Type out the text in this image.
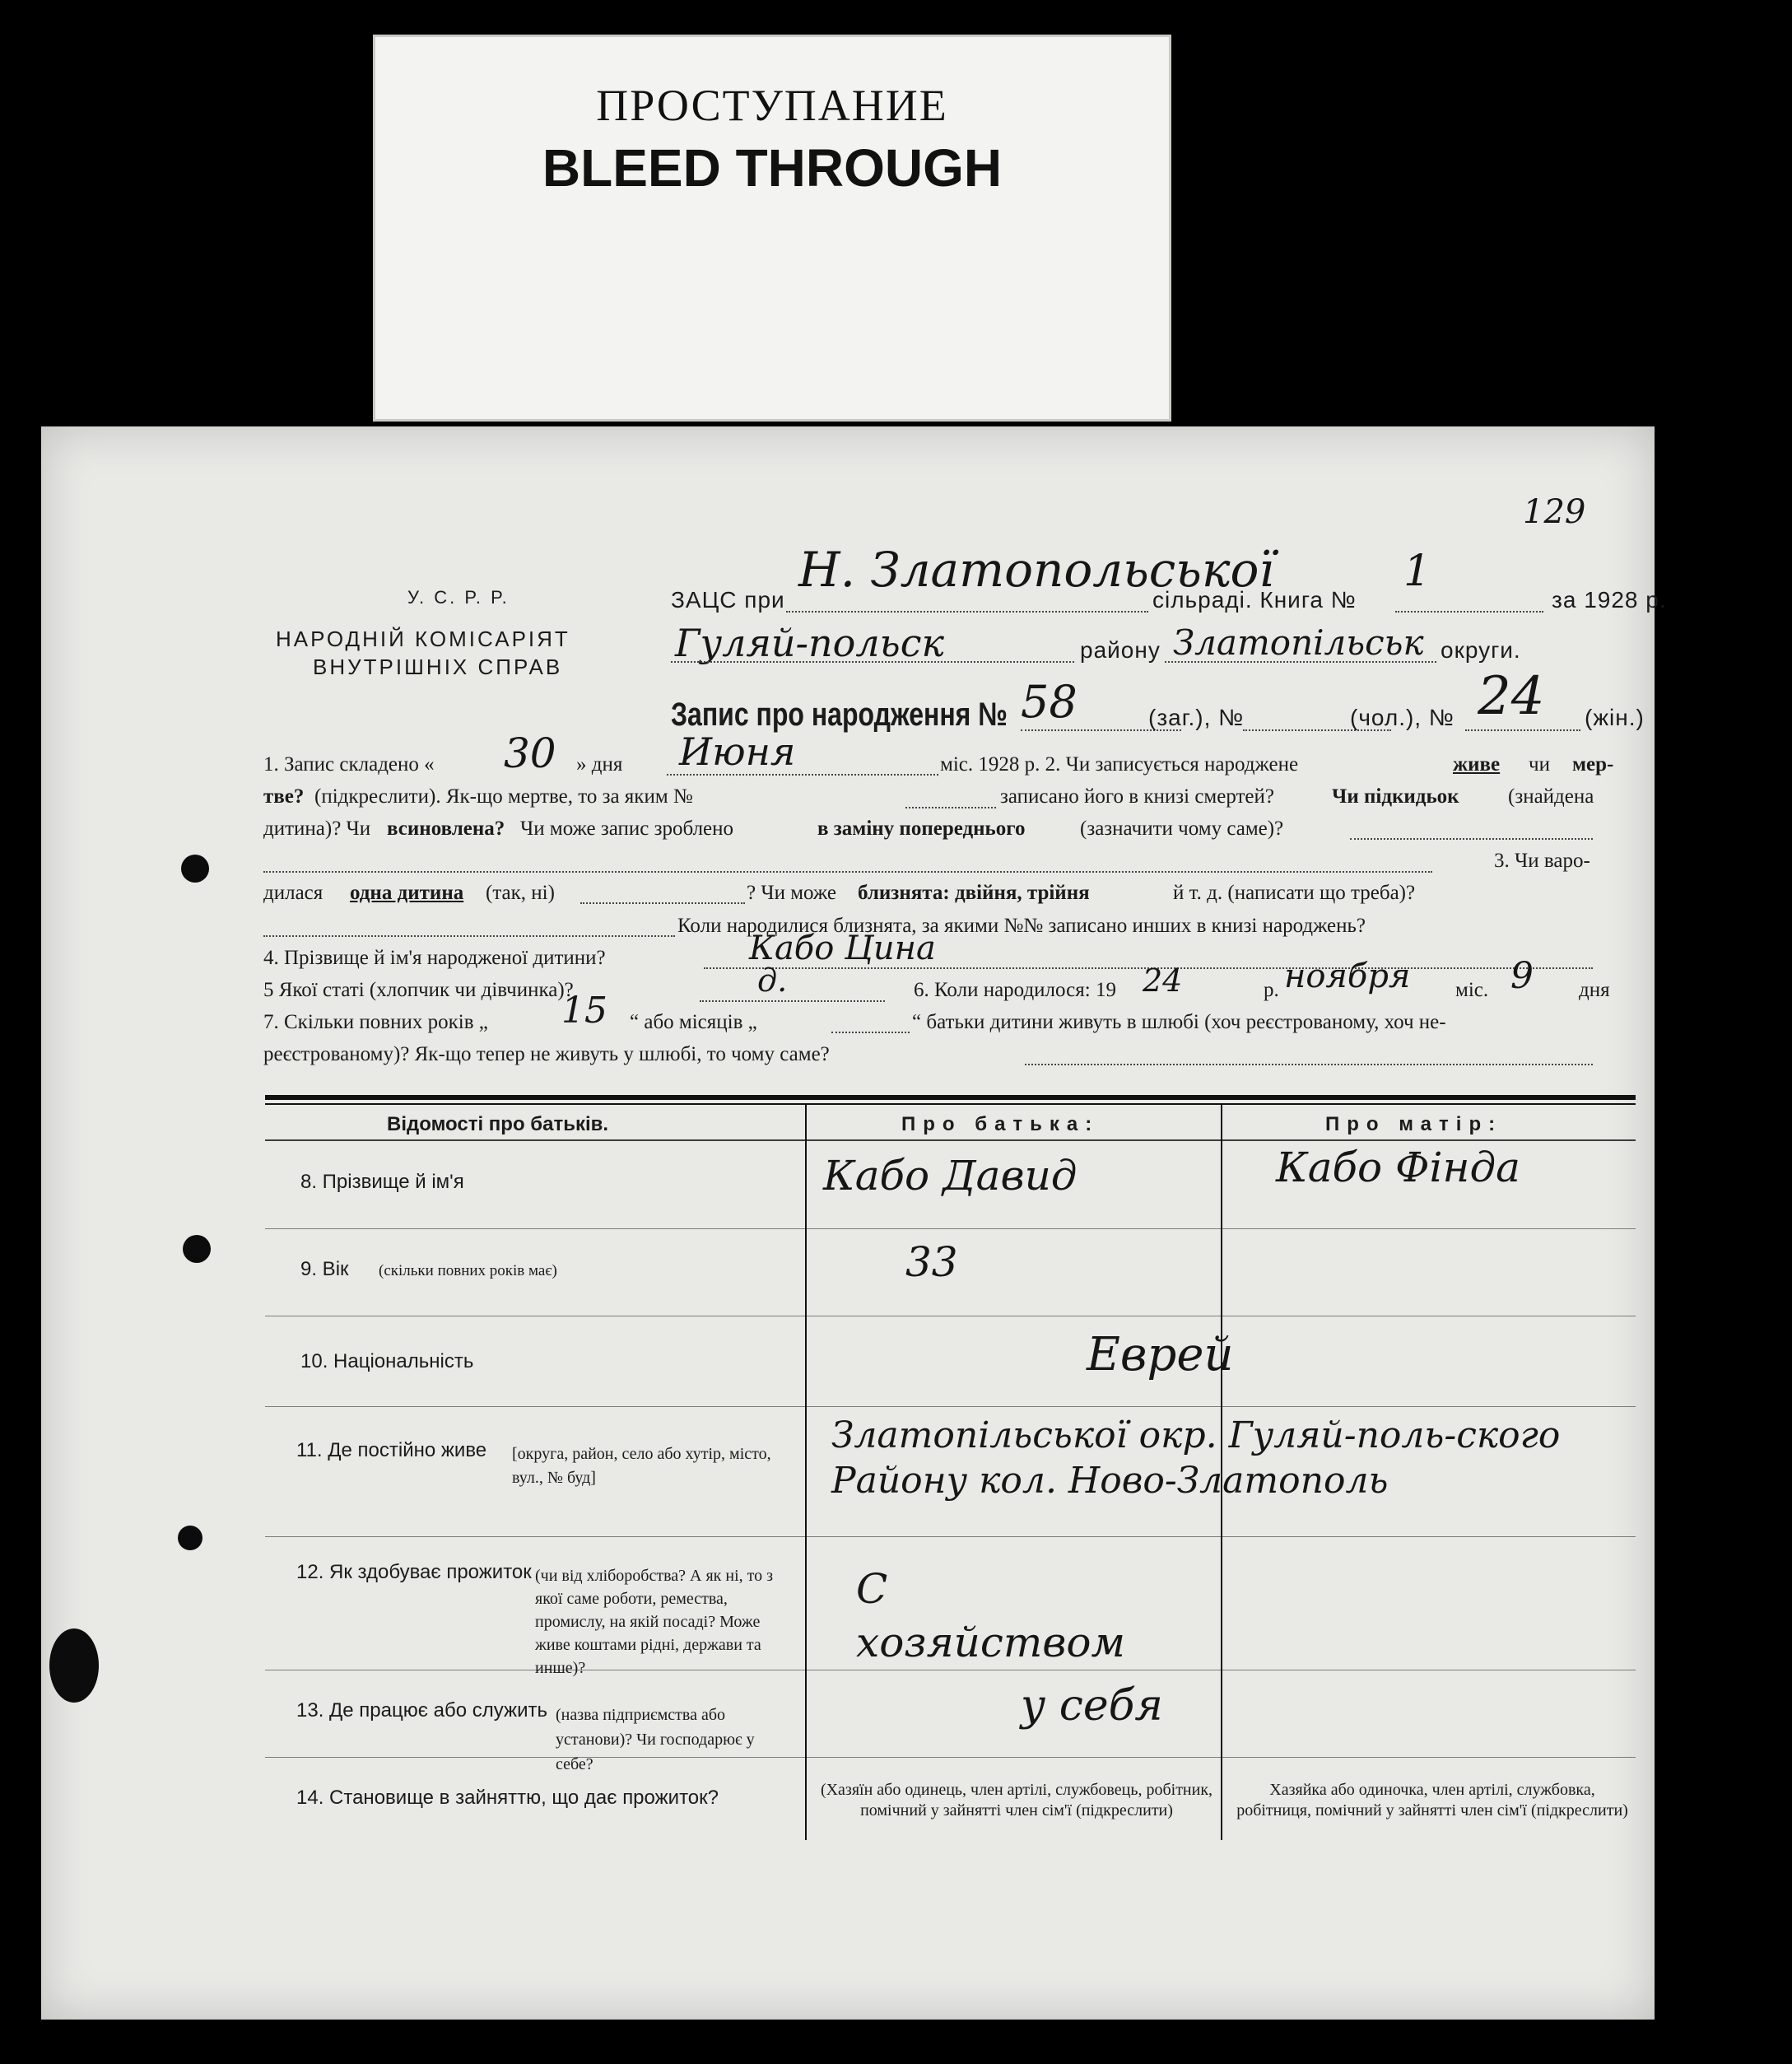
ПРОСТУПАНИЕ
BLEED THROUGH
129
У. С. Р. Р.
НАРОДНІЙ КОМІСАРІЯТ
ВНУТРІШНІХ СПРАВ
ЗАЦС при
Н. Златопольської
сільраді. Книга №
1
за 1928 р.
Гуляй-польск	району Златопільськ округи.
Запис про народження № 58	(заг.), №	(чол.), № 24 (жін.)
1. Запис складено « 30 » дня Июня	міс. 1928 р. 2. Чи записується народжене	живе чи мер-
тве? (підкреслити). Як-що мертве, то за яким №	записано його в книзі смертей?	Чи підкидьок (знайдена
дитина)? Чи всиновлена? Чи може запис зроблено	в заміну попереднього	(зазначити чому саме)?
3. Чи варо-
дилася одна дитина (так, ні)	? Чи може близнята: двійня, трійня	й т. д. (написати що треба)?
Коли народилися близнята, за якими №№ записано инших в книзі народжень?
4. Прізвище й ім'я народженої дитини?	Кабо Цина
5 Якої статі (хлопчик чи дівчинка)?	д.	6. Коли народилося: 19 24	р. ноября міс. 9 дня
7. Скільки повних років „ 15 “ або місяців „	“ батьки дитини живуть в шлюбі (хоч реєстрованому, хоч не-
реєстрованому)? Як-що тепер не живуть у шлюбі, то чому саме?
Відомості про батьків.	Про батька:	Про матір:
8. Прізвище й ім'я	Кабо Давид	Кабо Фінда
9. Вік (скільки повних років має)	33
10. Національність	Еврей
11. Де постійно живе	[округа, район, село або хутір, місто, вул., № буд]
Златопільської окр. Гуляй-поль-ского Району кол. Ново-Златополь
12. Як здобуває прожиток (чи від хліборобства? А як ні, то з якої саме роботи, ремества, промислу, на якій посаді? Може живе коштами рідні, держави та инше)?
С хозяйством
13. Де працює або служить (назва підприємства або установи)? Чи господарює у себе?
у себя
14. Становище в зайняттю, що дає прожиток?	(Хазяїн або одинець, член артілі, службовець, робітник, помічний у зайнятті член сім'ї (підкреслити)
Хазяйка або одиночка, член артілі, службовка, робітниця, помічний у зайнятті член сім'ї (підкреслити)
